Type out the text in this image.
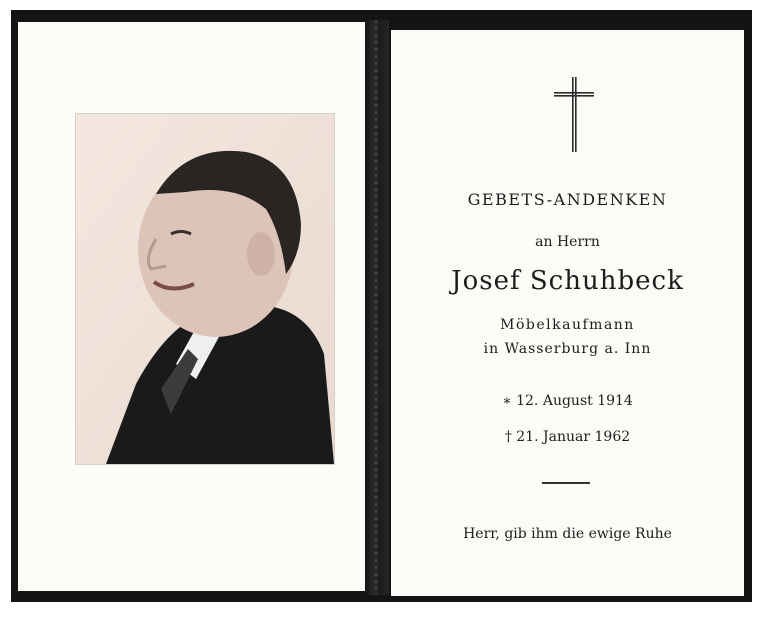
GEBETS-ANDENKEN
an Herrn
Josef Schuhbeck
Möbelkaufmann
in Wasserburg a. Inn
∗ 12. August 1914
† 21. Januar 1962
Herr, gib ihm die ewige Ruhe
